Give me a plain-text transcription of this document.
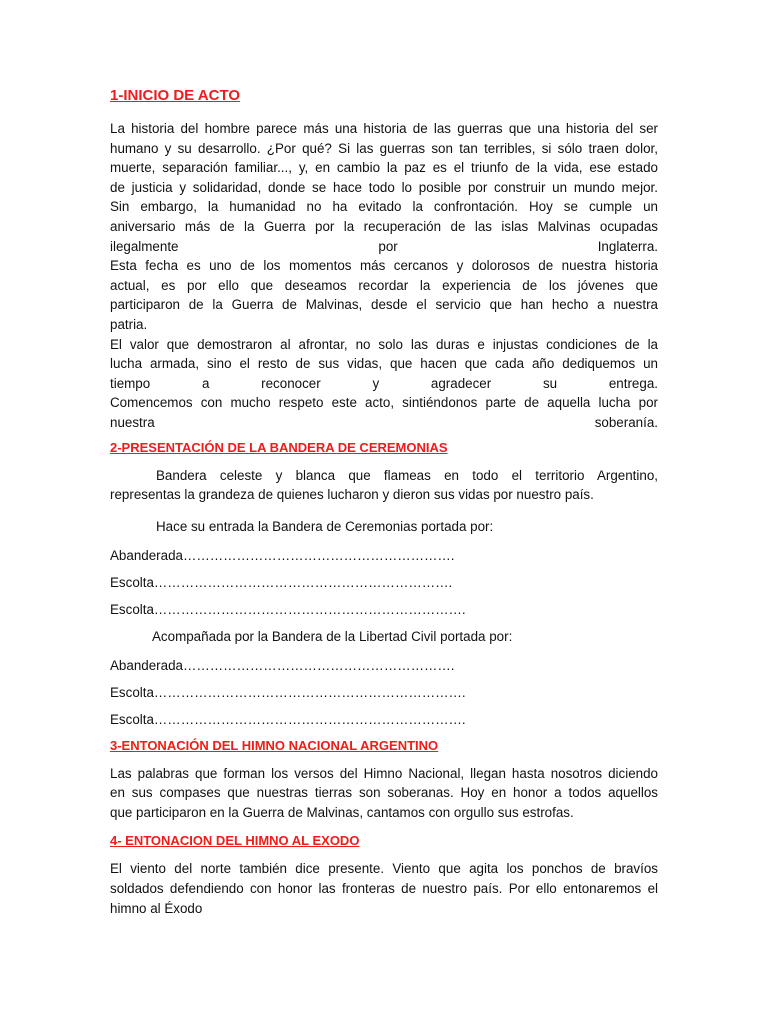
1-INICIO DE ACTO
La historia del hombre parece más una historia de las guerras que una historia del ser
humano y su desarrollo. ¿Por qué? Si las guerras son tan terribles, si sólo traen dolor,
muerte, separación familiar..., y, en cambio la paz es el triunfo de la vida, ese estado
de justicia y solidaridad, donde se hace todo lo posible por construir un mundo mejor.
Sin embargo, la humanidad no ha evitado la confrontación. Hoy se cumple un
aniversario más de la Guerra por la recuperación de las islas Malvinas ocupadas
ilegalmente por Inglaterra.
Esta fecha es uno de los momentos más cercanos y dolorosos de nuestra historia
actual, es por ello que deseamos recordar la experiencia de los jóvenes que
participaron de la Guerra de Malvinas, desde el servicio que han hecho a nuestra
patria.
El valor que demostraron al afrontar, no solo las duras e injustas condiciones de la
lucha armada, sino el resto de sus vidas, que hacen que cada año dediquemos un
tiempo a reconocer y agradecer su entrega.
Comencemos con mucho respeto este acto, sintiéndonos parte de aquella lucha por
nuestra soberanía.
2-PRESENTACIÓN DE LA BANDERA DE CEREMONIAS
Bandera celeste y blanca que flameas en todo el territorio Argentino,
representas la grandeza de quienes lucharon y dieron sus vidas por nuestro país.
Hace su entrada la Bandera de Ceremonias portada por:
Abanderada…………………………………………………….
Escolta………………………………………………………….
Escolta…………………………………………………………….
Acompañada por la Bandera de la Libertad Civil portada por:
Abanderada…………………………………………………….
Escolta…………………………………………………………….
Escolta…………………………………………………………….
3-ENTONACIÓN DEL HIMNO NACIONAL ARGENTINO
Las palabras que forman los versos del Himno Nacional, llegan hasta nosotros diciendo
en sus compases que nuestras tierras son soberanas. Hoy en honor a todos aquellos
que participaron en la Guerra de Malvinas, cantamos con orgullo sus estrofas.
4- ENTONACION DEL HIMNO AL EXODO
El viento del norte también dice presente. Viento que agita los ponchos de bravíos
soldados defendiendo con honor las fronteras de nuestro país. Por ello entonaremos el
himno al Éxodo
